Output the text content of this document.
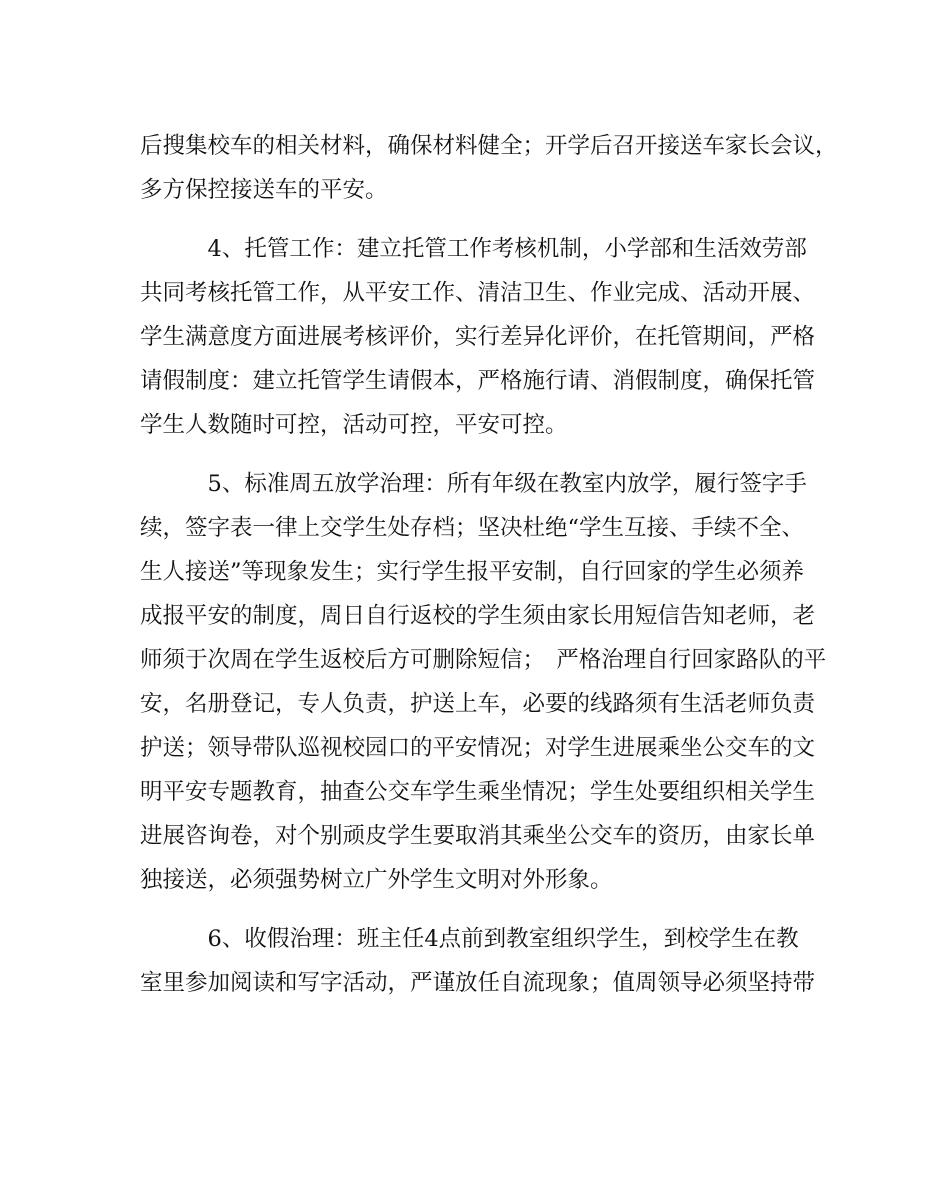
后搜集校车的相关材料，确保材料健全；开学后召开接送车家长会议，
多方保控接送车的平安。
　　　4、托管工作：建立托管工作考核机制，小学部和生活效劳部
共同考核托管工作，从平安工作、清洁卫生、作业完成、活动开展、
学生满意度方面进展考核评价，实行差异化评价，在托管期间，严格
请假制度：建立托管学生请假本，严格施行请、消假制度，确保托管
学生人数随时可控，活动可控，平安可控。
　　　5、标准周五放学治理：所有年级在教室内放学，履行签字手
续，签字表一律上交学生处存档；坚决杜绝“学生互接、手续不全、
生人接送”等现象发生；实行学生报平安制，自行回家的学生必须养
成报平安的制度，周日自行返校的学生须由家长用短信告知老师，老
师须于次周在学生返校后方可删除短信；　严格治理自行回家路队的平
安，名册登记，专人负责，护送上车，必要的线路须有生活老师负责
护送；领导带队巡视校园口的平安情况；对学生进展乘坐公交车的文
明平安专题教育，抽查公交车学生乘坐情况；学生处要组织相关学生
进展咨询卷，对个别顽皮学生要取消其乘坐公交车的资历，由家长单
独接送，必须强势树立广外学生文明对外形象。
　　　6、收假治理：班主任4点前到教室组织学生，到校学生在教
室里参加阅读和写字活动，严谨放任自流现象；值周领导必须坚持带
